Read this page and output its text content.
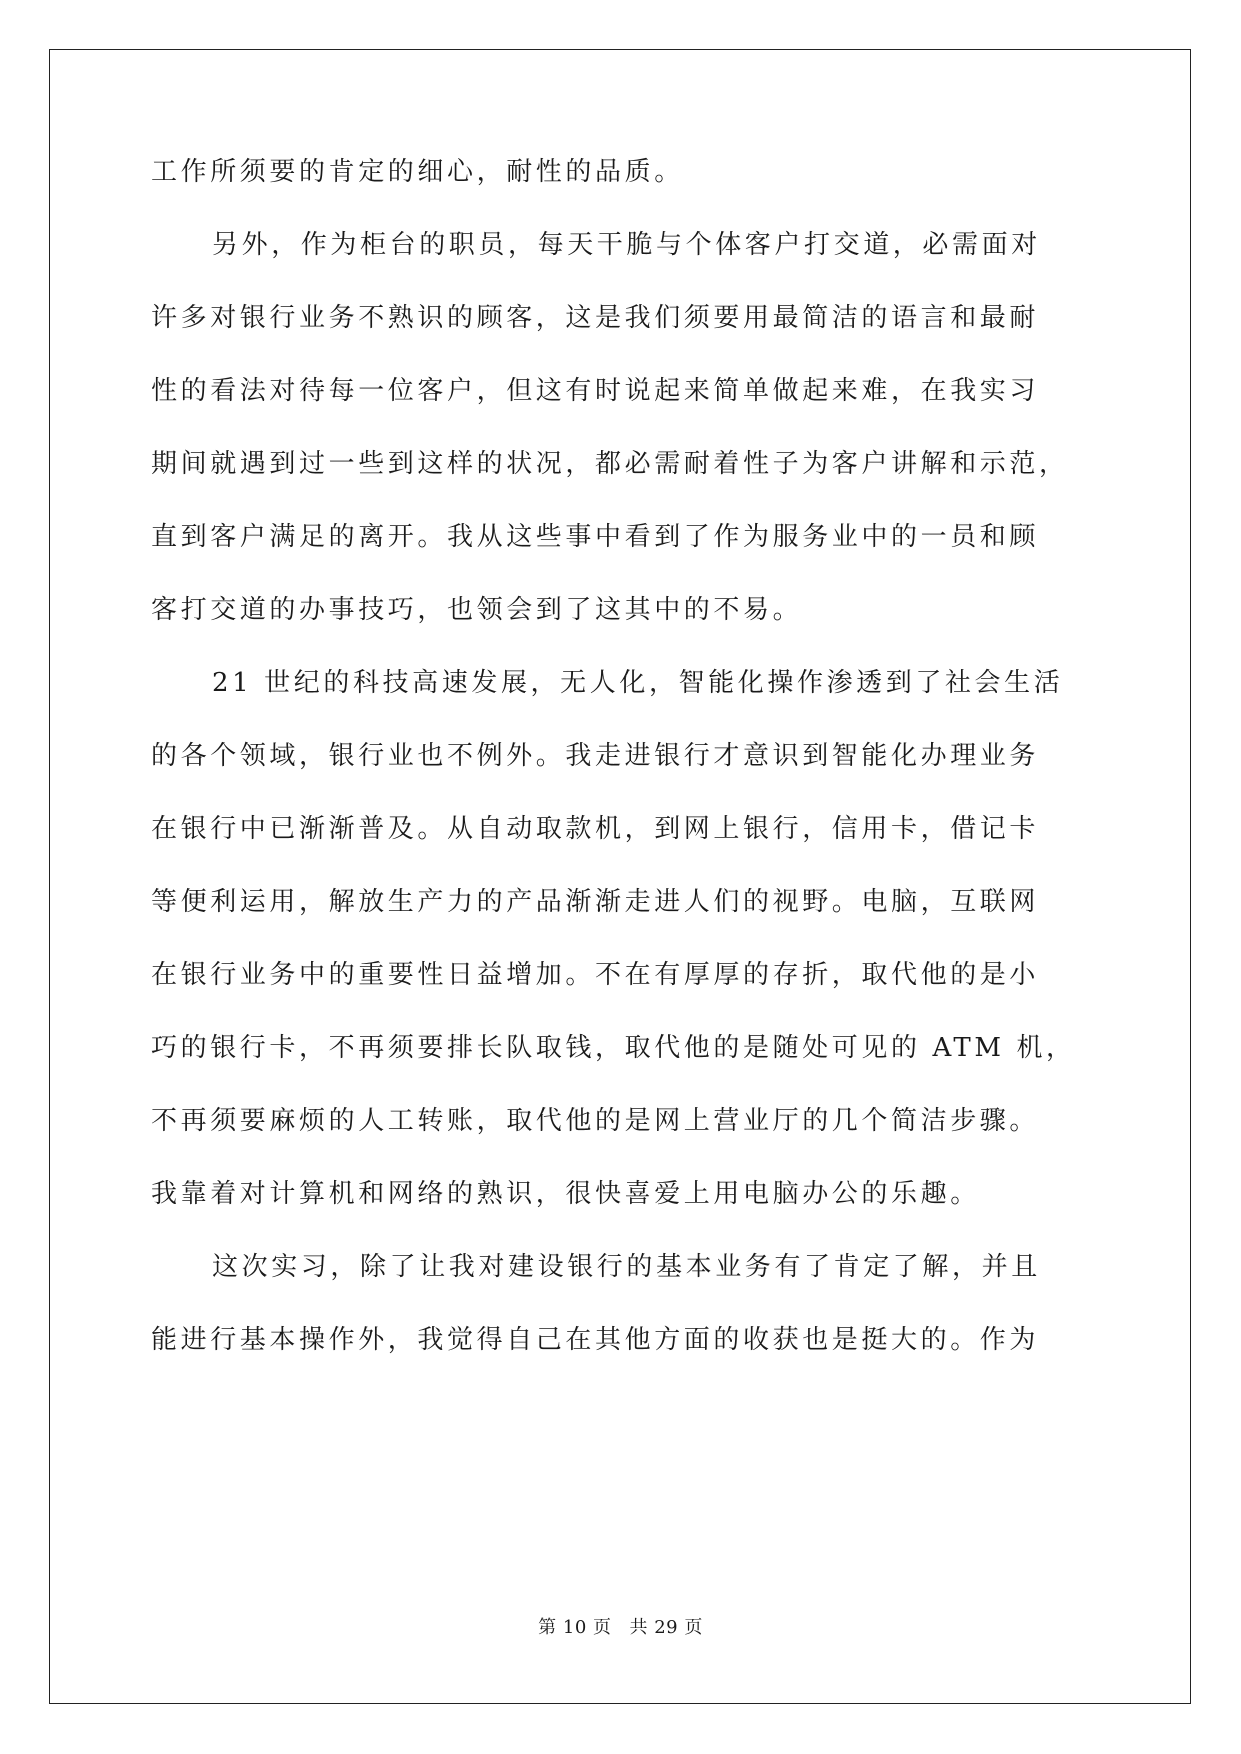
工作所须要的肯定的细心，耐性的品质。

另外，作为柜台的职员，每天干脆与个体客户打交道，必需面对

许多对银行业务不熟识的顾客，这是我们须要用最简洁的语言和最耐

性的看法对待每一位客户，但这有时说起来简单做起来难，在我实习

期间就遇到过一些到这样的状况，都必需耐着性子为客户讲解和示范，

直到客户满足的离开。我从这些事中看到了作为服务业中的一员和顾

客打交道的办事技巧，也领会到了这其中的不易。

21 世纪的科技高速发展，无人化，智能化操作渗透到了社会生活

的各个领域，银行业也不例外。我走进银行才意识到智能化办理业务

在银行中已渐渐普及。从自动取款机，到网上银行，信用卡，借记卡

等便利运用，解放生产力的产品渐渐走进人们的视野。电脑，互联网

在银行业务中的重要性日益增加。不在有厚厚的存折，取代他的是小

巧的银行卡，不再须要排长队取钱，取代他的是随处可见的 ATM 机，

不再须要麻烦的人工转账，取代他的是网上营业厅的几个简洁步骤。

我靠着对计算机和网络的熟识，很快喜爱上用电脑办公的乐趣。

这次实习，除了让我对建设银行的基本业务有了肯定了解，并且

能进行基本操作外，我觉得自己在其他方面的收获也是挺大的。作为

第 10 页 共 29 页
